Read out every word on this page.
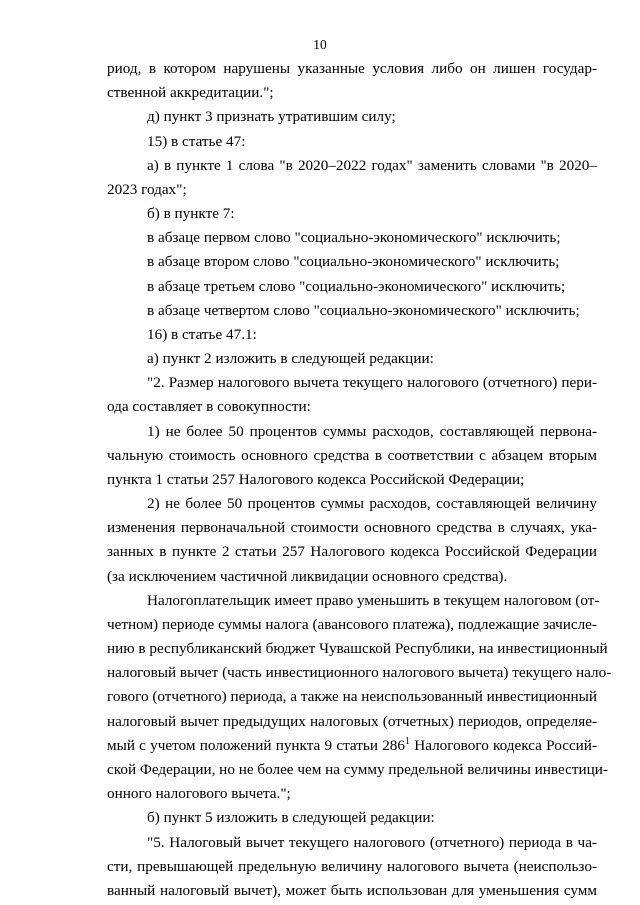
10
риод, в котором нарушены указанные условия либо он лишен государ-
ственной аккредитации.";
д) пункт 3 признать утратившим силу;
15) в статье 47:
а) в пункте 1 слова "в 2020–2022 годах" заменить словами "в 2020–
2023 годах";
б) в пункте 7:
в абзаце первом слово "социально-экономического" исключить;
в абзаце втором слово "социально-экономического" исключить;
в абзаце третьем слово "социально-экономического" исключить;
в абзаце четвертом слово "социально-экономического" исключить;
16) в статье 47.1:
а) пункт 2 изложить в следующей редакции:
"2. Размер налогового вычета текущего налогового (отчетного) пери-
ода составляет в совокупности:
1) не более 50 процентов суммы расходов, составляющей первона-
чальную стоимость основного средства в соответствии с абзацем вторым
пункта 1 статьи 257 Налогового кодекса Российской Федерации;
2) не более 50 процентов суммы расходов, составляющей величину
изменения первоначальной стоимости основного средства в случаях, ука-
занных в пункте 2 статьи 257 Налогового кодекса Российской Федерации
(за исключением частичной ликвидации основного средства).
Налогоплательщик имеет право уменьшить в текущем налоговом (от-
четном) периоде суммы налога (авансового платежа), подлежащие зачисле-
нию в республиканский бюджет Чувашской Республики, на инвестиционный
налоговый вычет (часть инвестиционного налогового вычета) текущего нало-
гового (отчетного) периода, а также на неиспользованный инвестиционный
налоговый вычет предыдущих налоговых (отчетных) периодов, определяе-
мый с учетом положений пункта 9 статьи $286^1$ Налогового кодекса Россий-
ской Федерации, но не более чем на сумму предельной величины инвестици-
онного налогового вычета.";
б) пункт 5 изложить в следующей редакции:
"5. Налоговый вычет текущего налогового (отчетного) периода в ча-
сти, превышающей предельную величину налогового вычета (неиспользо-
ванный налоговый вычет), может быть использован для уменьшения сумм
